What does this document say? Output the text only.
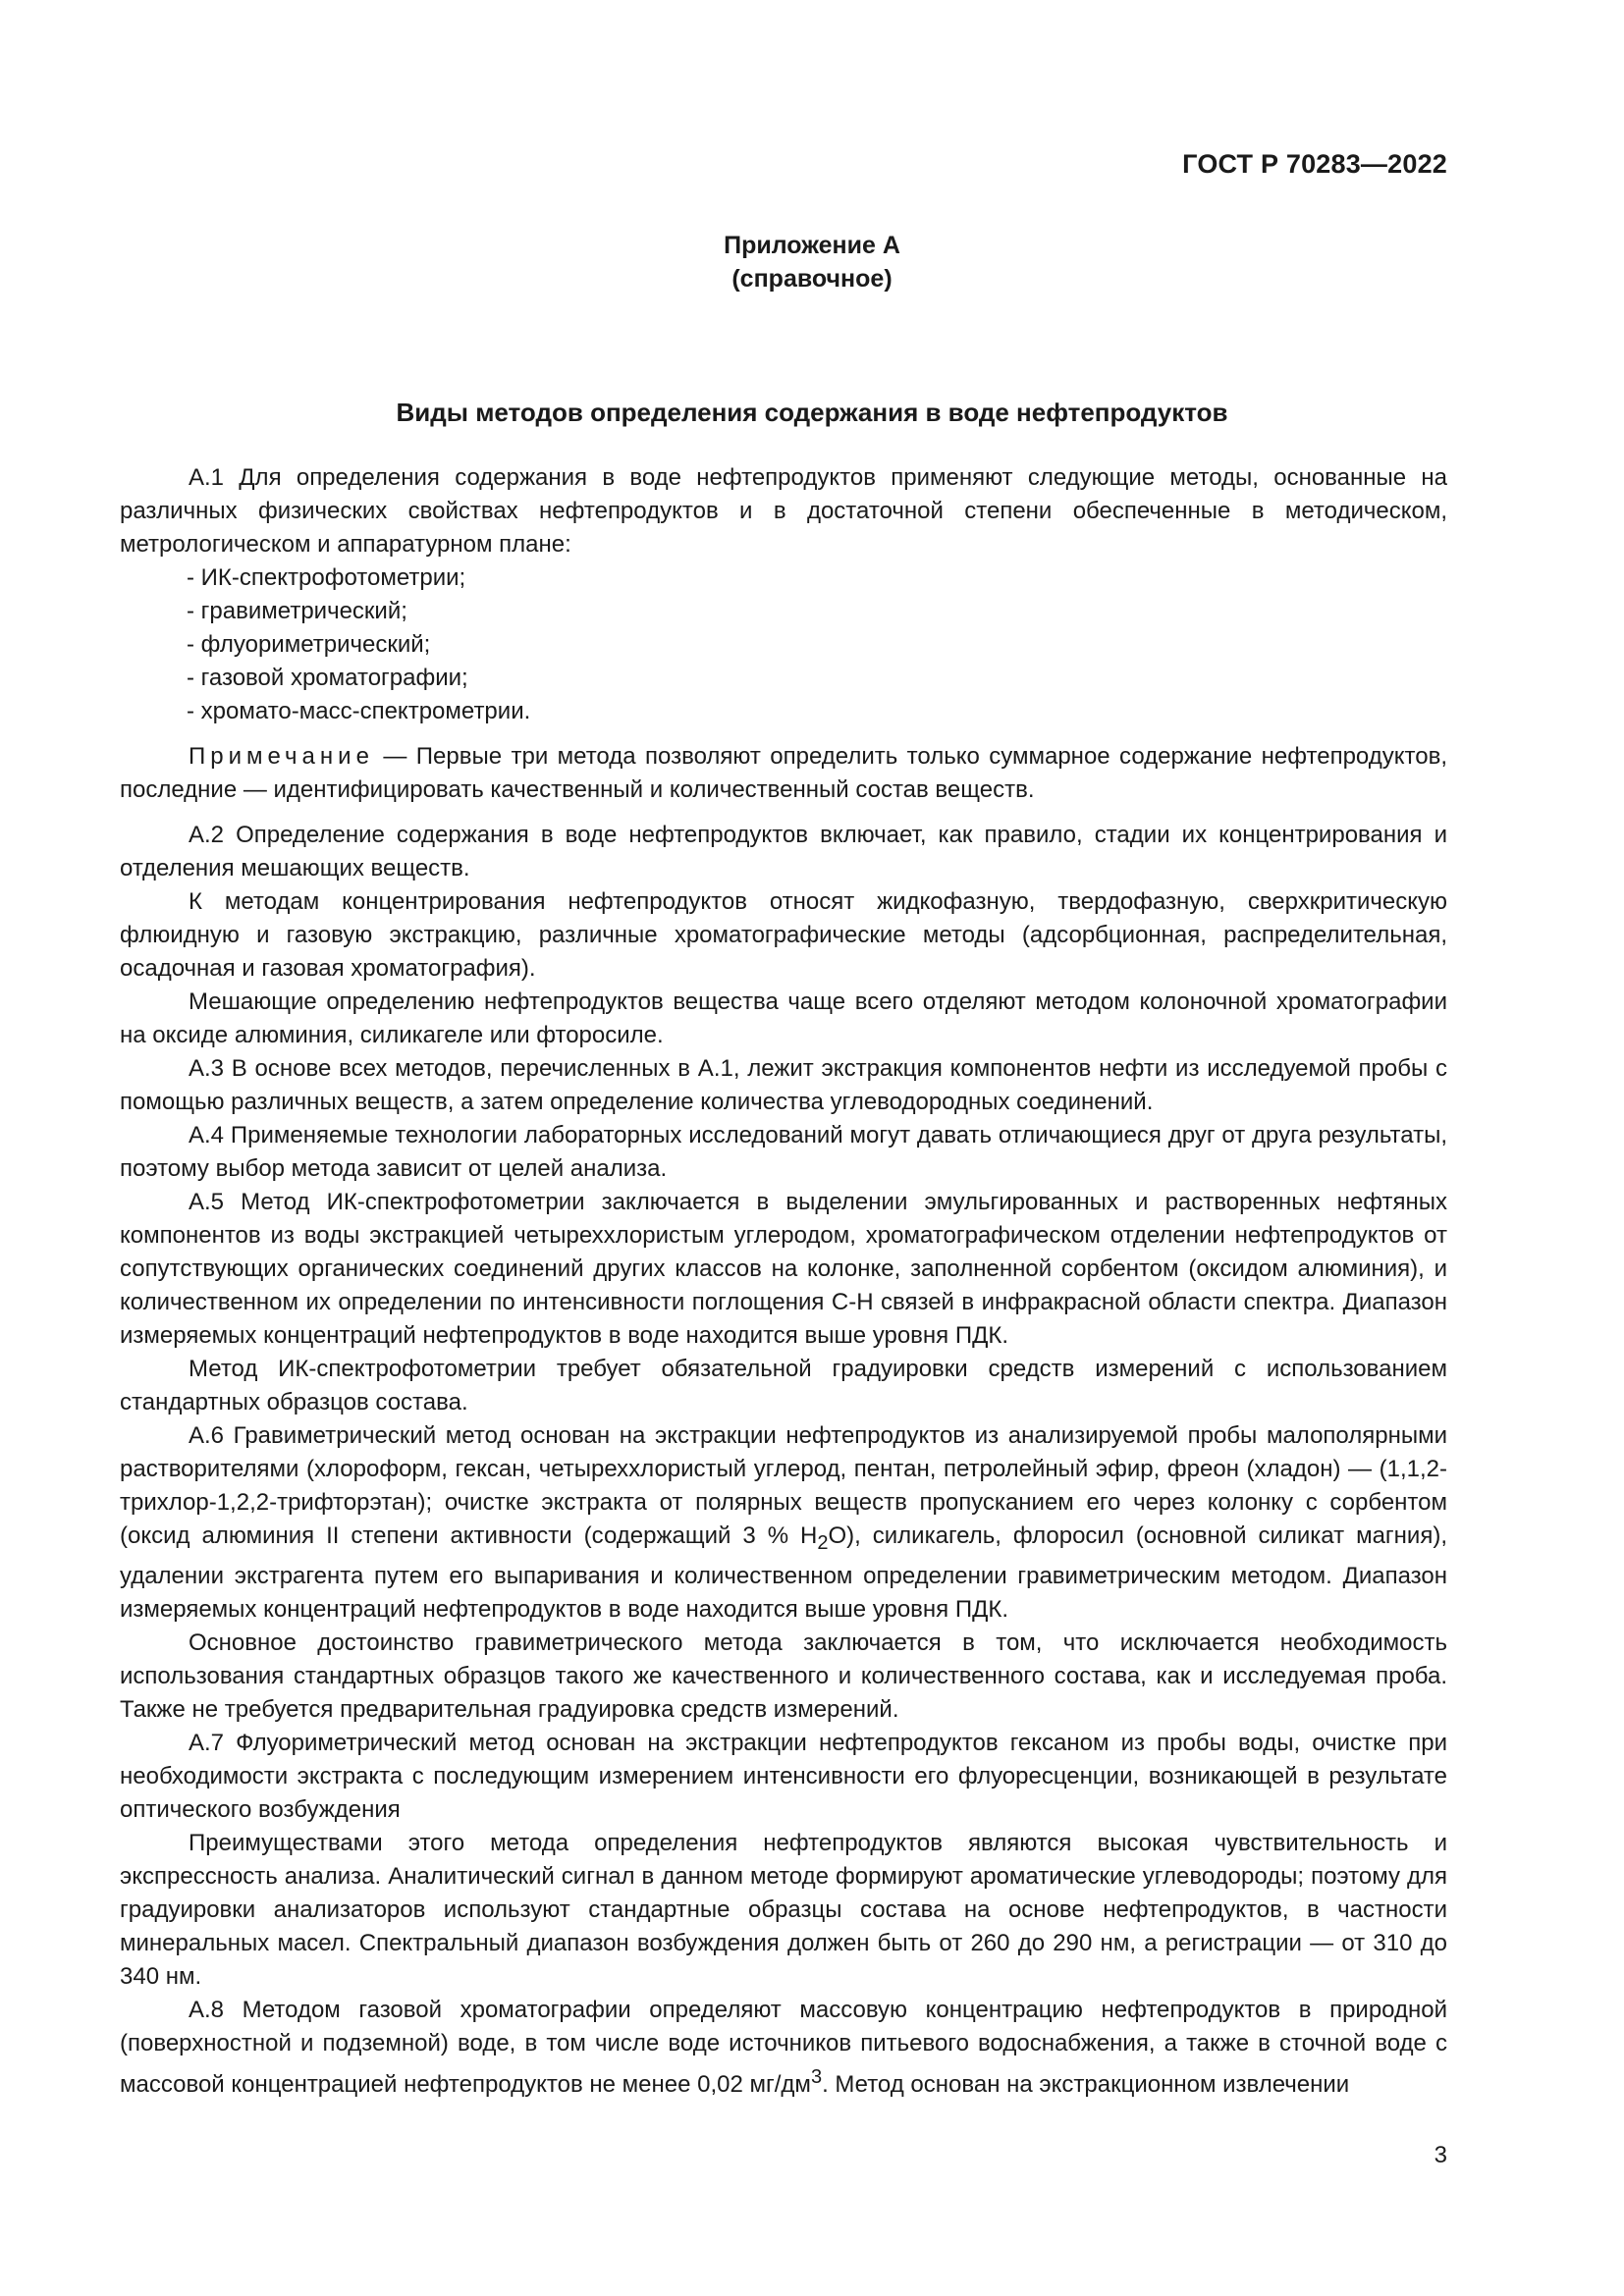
ГОСТ Р 70283—2022
Приложение А
(справочное)
Виды методов определения содержания в воде нефтепродуктов

А.1 Для определения содержания в воде нефтепродуктов применяют следующие методы, основанные на различных физических свойствах нефтепродуктов и в достаточной степени обеспеченные в методическом, метрологическом и аппаратурном плане:

- ИК-спектрофотометрии;
- гравиметрический;
- флуориметрический;
- газовой хроматографии;
- хромато-масс-спектрометрии.

Примечание — Первые три метода позволяют определить только суммарное содержание нефтепродуктов, последние — идентифицировать качественный и количественный состав веществ.

А.2 Определение содержания в воде нефтепродуктов включает, как правило, стадии их концентрирования и отделения мешающих веществ.

К методам концентрирования нефтепродуктов относят жидкофазную, твердофазную, сверхкритическую флюидную и газовую экстракцию, различные хроматографические методы (адсорбционная, распределительная, осадочная и газовая хроматография).

Мешающие определению нефтепродуктов вещества чаще всего отделяют методом колоночной хроматографии на оксиде алюминия, силикагеле или фторосиле.

А.3 В основе всех методов, перечисленных в А.1, лежит экстракция компонентов нефти из исследуемой пробы с помощью различных веществ, а затем определение количества углеводородных соединений.

А.4 Применяемые технологии лабораторных исследований могут давать отличающиеся друг от друга результаты, поэтому выбор метода зависит от целей анализа.

А.5 Метод ИК-спектрофотометрии заключается в выделении эмульгированных и растворенных нефтяных компонентов из воды экстракцией четыреххлористым углеродом, хроматографическом отделении нефтепродуктов от сопутствующих органических соединений других классов на колонке, заполненной сорбентом (оксидом алюминия), и количественном их определении по интенсивности поглощения С-Н связей в инфракрасной области спектра. Диапазон измеряемых концентраций нефтепродуктов в воде находится выше уровня ПДК.

Метод ИК-спектрофотометрии требует обязательной градуировки средств измерений с использованием стандартных образцов состава.

А.6 Гравиметрический метод основан на экстракции нефтепродуктов из анализируемой пробы малополярными растворителями (хлороформ, гексан, четыреххлористый углерод, пентан, петролейный эфир, фреон (хладон) — (1,1,2-трихлор-1,2,2-трифторэтан); очистке экстракта от полярных веществ пропусканием его через колонку с сорбентом (оксид алюминия II степени активности (содержащий 3 % $H_2O$), силикагель, флоросил (основной силикат магния), удалении экстрагента путем его выпаривания и количественном определении гравиметрическим методом. Диапазон измеряемых концентраций нефтепродуктов в воде находится выше уровня ПДК.

Основное достоинство гравиметрического метода заключается в том, что исключается необходимость использования стандартных образцов такого же качественного и количественного состава, как и исследуемая проба. Также не требуется предварительная градуировка средств измерений.

А.7 Флуориметрический метод основан на экстракции нефтепродуктов гексаном из пробы воды, очистке при необходимости экстракта с последующим измерением интенсивности его флуоресценции, возникающей в результате оптического возбуждения

Преимуществами этого метода определения нефтепродуктов являются высокая чувствительность и экспрессность анализа. Аналитический сигнал в данном методе формируют ароматические углеводороды; поэтому для градуировки анализаторов используют стандартные образцы состава на основе нефтепродуктов, в частности минеральных масел. Спектральный диапазон возбуждения должен быть от 260 до 290 нм, а регистрации — от 310 до 340 нм.

А.8 Методом газовой хроматографии определяют массовую концентрацию нефтепродуктов в природной (поверхностной и подземной) воде, в том числе воде источников питьевого водоснабжения, а также в сточной воде с массовой концентрацией нефтепродуктов не менее 0,02 $мг/дм^3$. Метод основан на экстракционном извлечении

3
